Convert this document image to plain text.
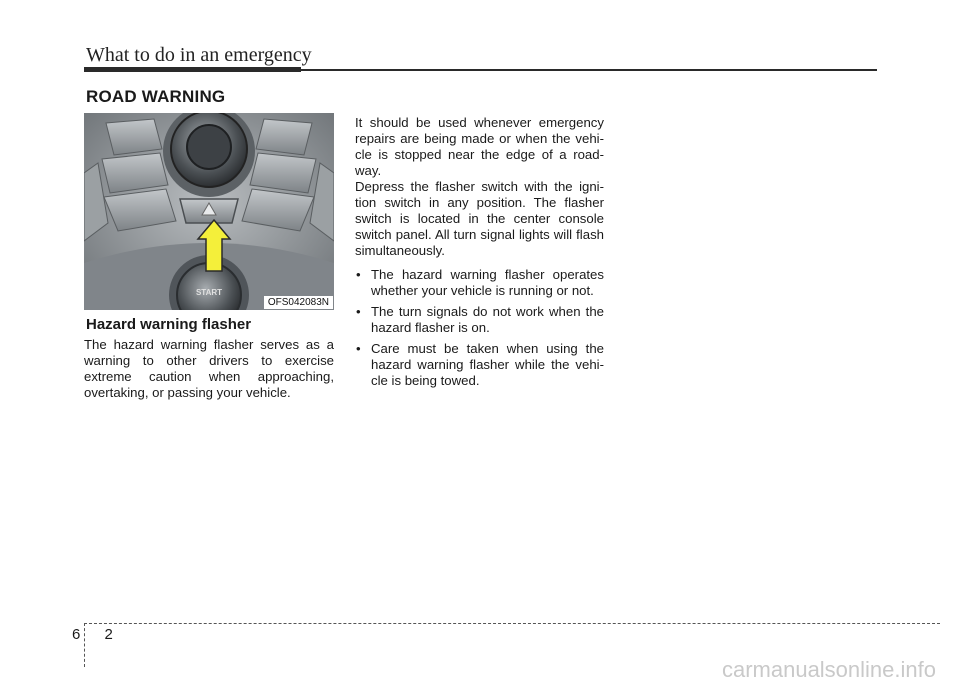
What to do in an emergency
ROAD WARNING
START
OFS042083N
Hazard warning flasher

The hazard warning flasher serves as a warning to other drivers to exercise extreme caution when approaching, overtaking, or passing your vehicle.

It should be used whenever emergency repairs are being made or when the vehi-cle is stopped near the edge of a road-way.

Depress the flasher switch with the igni-tion switch in any position. The flasher switch is located in the center console switch panel. All turn signal lights will flash simultaneously.

• The hazard warning flasher operates whether your vehicle is running or not.
• The turn signals do not work when the hazard flasher is on.
• Care must be taken when using the hazard warning flasher while the vehi-cle is being towed.
6 2
carmanualsonline.info
